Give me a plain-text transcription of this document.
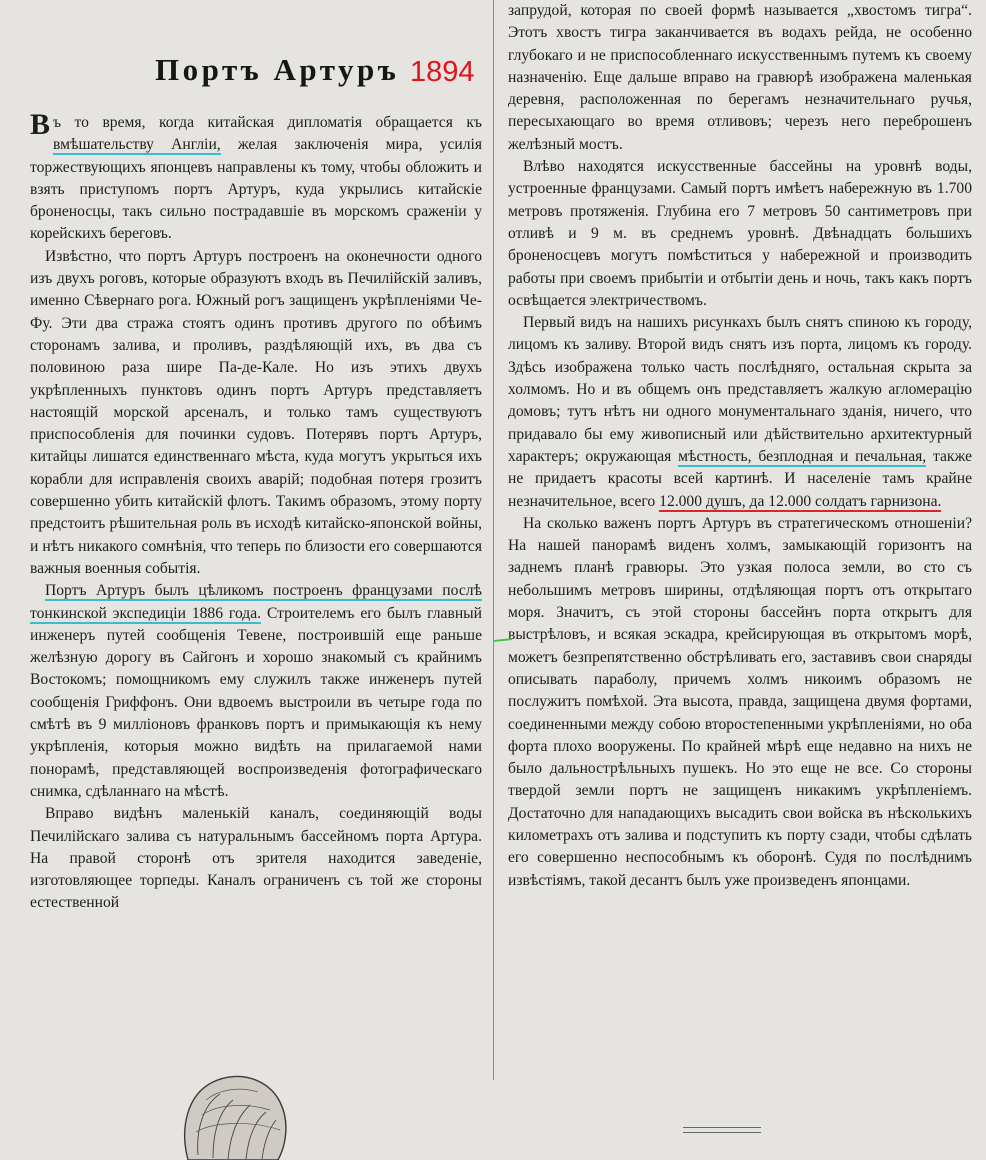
Портъ Артуръ 1894

Въ то время, когда китайская дипломатія обращается къ вмѣшательству Англіи, желая заключенія мира, усилія торжествующихъ японцевъ направлены къ тому, чтобы обложить и взять приступомъ портъ Артуръ, куда укрылись китайскіе броненосцы, такъ сильно пострадавшіе въ морскомъ сраженіи у корейскихъ береговъ.

Извѣстно, что портъ Артуръ построенъ на оконечности одного изъ двухъ роговъ, которые образуютъ входъ въ Печилійскій заливъ, именно Сѣвернаго рога. Южный рогъ защищенъ укрѣпленіями Че-Фу. Эти два стража стоятъ одинъ противъ другого по обѣимъ сторонамъ залива, и проливъ, раздѣляющій ихъ, въ два съ половиною раза шире Па-де-Кале. Но изъ этихъ двухъ укрѣпленныхъ пунктовъ одинъ портъ Артуръ представляетъ настоящій морской арсеналъ, и только тамъ существуютъ приспособленія для починки судовъ. Потерявъ портъ Артуръ, китайцы лишатся единственнаго мѣста, куда могутъ укрыться ихъ корабли для исправленія своихъ аварій; подобная потеря грозитъ совершенно убить китайскій флотъ. Такимъ образомъ, этому порту предстоитъ рѣшительная роль въ исходѣ китайско-японской войны, и нѣтъ никакого сомнѣнія, что теперь по близости его совершаются важныя военныя событія.

Портъ Артуръ былъ цѣликомъ построенъ французами послѣ тонкинской экспедиціи 1886 года. Строителемъ его былъ главный инженеръ путей сообщенія Тевене, построившій еще раньше желѣзную дорогу въ Сайгонъ и хорошо знакомый съ крайнимъ Востокомъ; помощникомъ ему служилъ также инженеръ путей сообщенія Гриффонъ. Они вдвоемъ выстроили въ четыре года по смѣтѣ въ 9 милліоновъ франковъ портъ и примыкающія къ нему укрѣпленія, которыя можно видѣть на прилагаемой нами понорамѣ, представляющей воспроизведенія фотографическаго снимка, сдѣланнаго на мѣстѣ.

Вправо видѣнъ маленькій каналъ, соединяющій воды Печилійскаго залива съ натуральнымъ бассейномъ порта Артура. На правой сторонѣ отъ зрителя находится заведеніе, изготовляющее торпеды. Каналъ ограниченъ съ той же стороны естественной

запрудой, которая по своей формѣ называется „хвостомъ тигра“. Этотъ хвостъ тигра заканчивается въ водахъ рейда, не особенно глубокаго и не приспособленнаго искусственнымъ путемъ къ своему назначенію. Еще дальше вправо на гравюрѣ изображена маленькая деревня, расположенная по берегамъ незначительнаго ручья, пересыхающаго во время отливовъ; черезъ него переброшенъ желѣзный мостъ.

Влѣво находятся искусственные бассейны на уровнѣ воды, устроенные французами. Самый портъ имѣетъ набережную въ 1.700 метровъ протяженія. Глубина его 7 метровъ 50 сантиметровъ при отливѣ и 9 м. въ среднемъ уровнѣ. Двѣнадцать большихъ броненосцевъ могутъ помѣститься у набережной и производить работы при своемъ прибытіи и отбытіи день и ночь, такъ какъ портъ освѣщается электричествомъ.

Первый видъ на нашихъ рисункахъ былъ снятъ спиною къ городу, лицомъ къ заливу. Второй видъ снятъ изъ порта, лицомъ къ городу. Здѣсь изображена только часть послѣдняго, остальная скрыта за холмомъ. Но и въ общемъ онъ представляетъ жалкую агломерацію домовъ; тутъ нѣтъ ни одного монументальнаго зданія, ничего, что придавало бы ему живописный или дѣйствительно архитектурный характеръ; окружающая мѣстность, безплодная и печальная, также не придаетъ красоты всей картинѣ. И населеніе тамъ крайне незначительное, всего 12.000 душъ, да 12.000 солдатъ гарнизона.

На сколько важенъ портъ Артуръ въ стратегическомъ отношеніи? На нашей панорамѣ виденъ холмъ, замыкающій горизонтъ на заднемъ планѣ гравюры. Это узкая полоса земли, во сто съ небольшимъ метровъ ширины, отдѣляющая портъ отъ открытаго моря. Значитъ, съ этой стороны бассейнъ порта открытъ для выстрѣловъ, и всякая эскадра, крейсирующая въ открытомъ морѣ, можетъ безпрепятственно обстрѣливать его, заставивъ свои снаряды описывать параболу, причемъ холмъ никоимъ образомъ не послужитъ помѣхой. Эта высота, правда, защищена двумя фортами, соединенными между собою второстепенными укрѣпленіями, но оба форта плохо вооружены. По крайней мѣрѣ еще недавно на нихъ не было дальнострѣльныхъ пушекъ. Но это еще не все. Со стороны твердой земли портъ не защищенъ никакимъ укрѣпленіемъ. Достаточно для нападающихъ высадить свои войска въ нѣсколькихъ километрахъ отъ залива и подступить къ порту сзади, чтобы сдѣлать его совершенно неспособнымъ къ оборонѣ. Судя по послѣднимъ извѣстіямъ, такой десантъ былъ уже произведенъ японцами.
